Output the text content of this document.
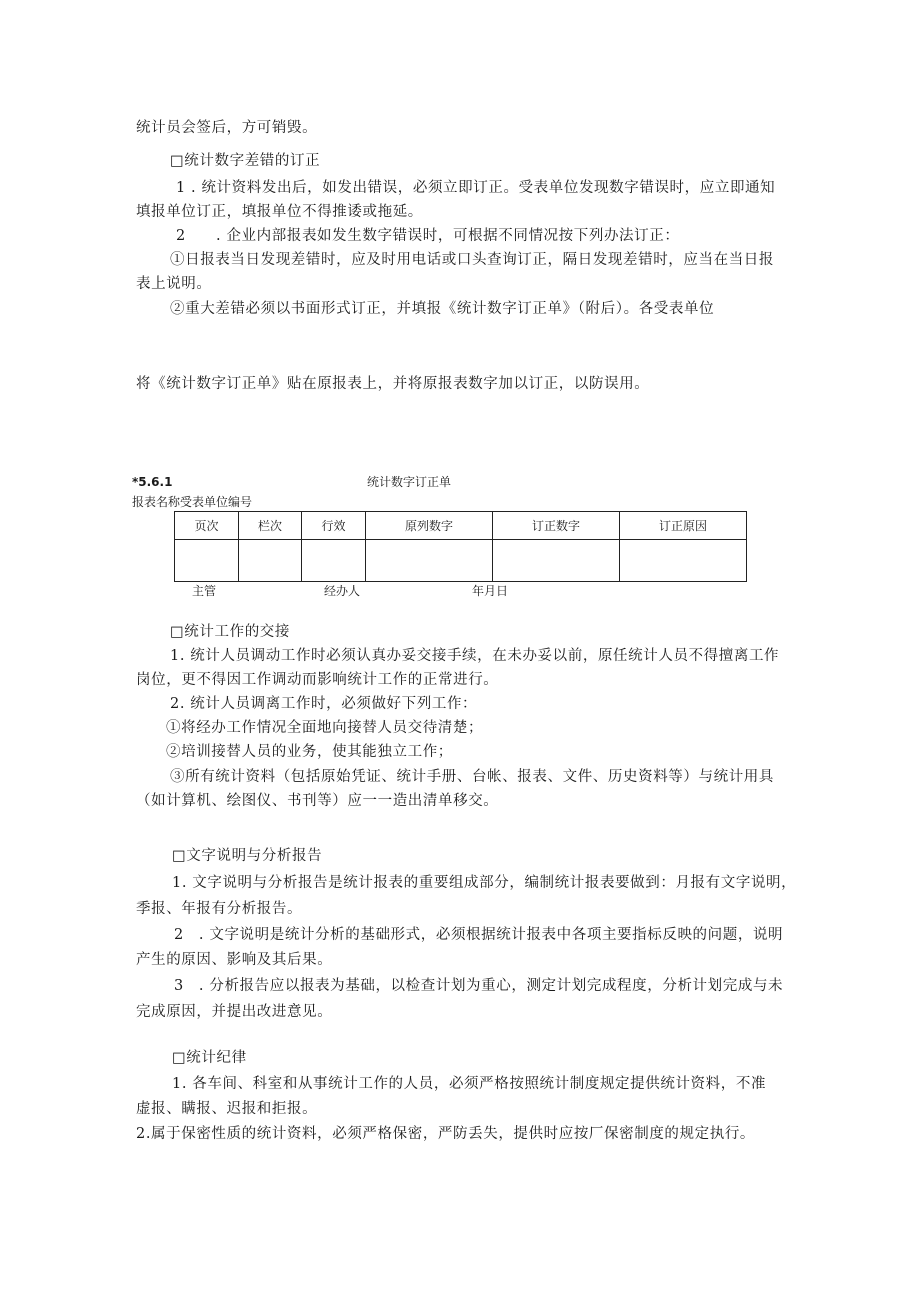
统计员会签后，方可销毁。
□统计数字差错的订正
1 . 统计资料发出后，如发出错误，必须立即订正。受表单位发现数字错误时，应立即通知
填报单位订正，填报单位不得推诿或拖延。
2　　. 企业内部报表如发生数字错误时，可根据不同情况按下列办法订正：
①日报表当日发现差错时，应及时用电话或口头查询订正，隔日发现差错时，应当在当日报
表上说明。
②重大差错必须以书面形式订正，并填报《统计数字订正单》（附后）。各受表单位
将《统计数字订正单》贴在原报表上，并将原报表数字加以订正，以防误用。
*5.6.1	统计数字订正单
报表名称受表单位编号
页次	栏次	行效	原列数字	订正数字	订正原因

主管	经办人	年月日
□统计工作的交接
1. 统计人员调动工作时必须认真办妥交接手续，在未办妥以前，原任统计人员不得擅离工作
岗位，更不得因工作调动而影响统计工作的正常进行。
2. 统计人员调离工作时，必须做好下列工作：
①将经办工作情况全面地向接替人员交待清楚；
②培训接替人员的业务，使其能独立工作；
③所有统计资料（包括原始凭证、统计手册、台帐、报表、文件、历史资料等）与统计用具
（如计算机、绘图仪、书刊等）应一一造出清单移交。
□文字说明与分析报告
1. 文字说明与分析报告是统计报表的重要组成部分，编制统计报表要做到：月报有文字说明，
季报、年报有分析报告。
2　. 文字说明是统计分析的基础形式，必须根据统计报表中各项主要指标反映的问题，说明
产生的原因、影响及其后果。
3　. 分析报告应以报表为基础，以检查计划为重心，测定计划完成程度，分析计划完成与未
完成原因，并提出改进意见。
□统计纪律
1. 各车间、科室和从事统计工作的人员，必须严格按照统计制度规定提供统计资料，不准
虚报、瞒报、迟报和拒报。
2.属于保密性质的统计资料，必须严格保密，严防丢失，提供时应按厂保密制度的规定执行。
